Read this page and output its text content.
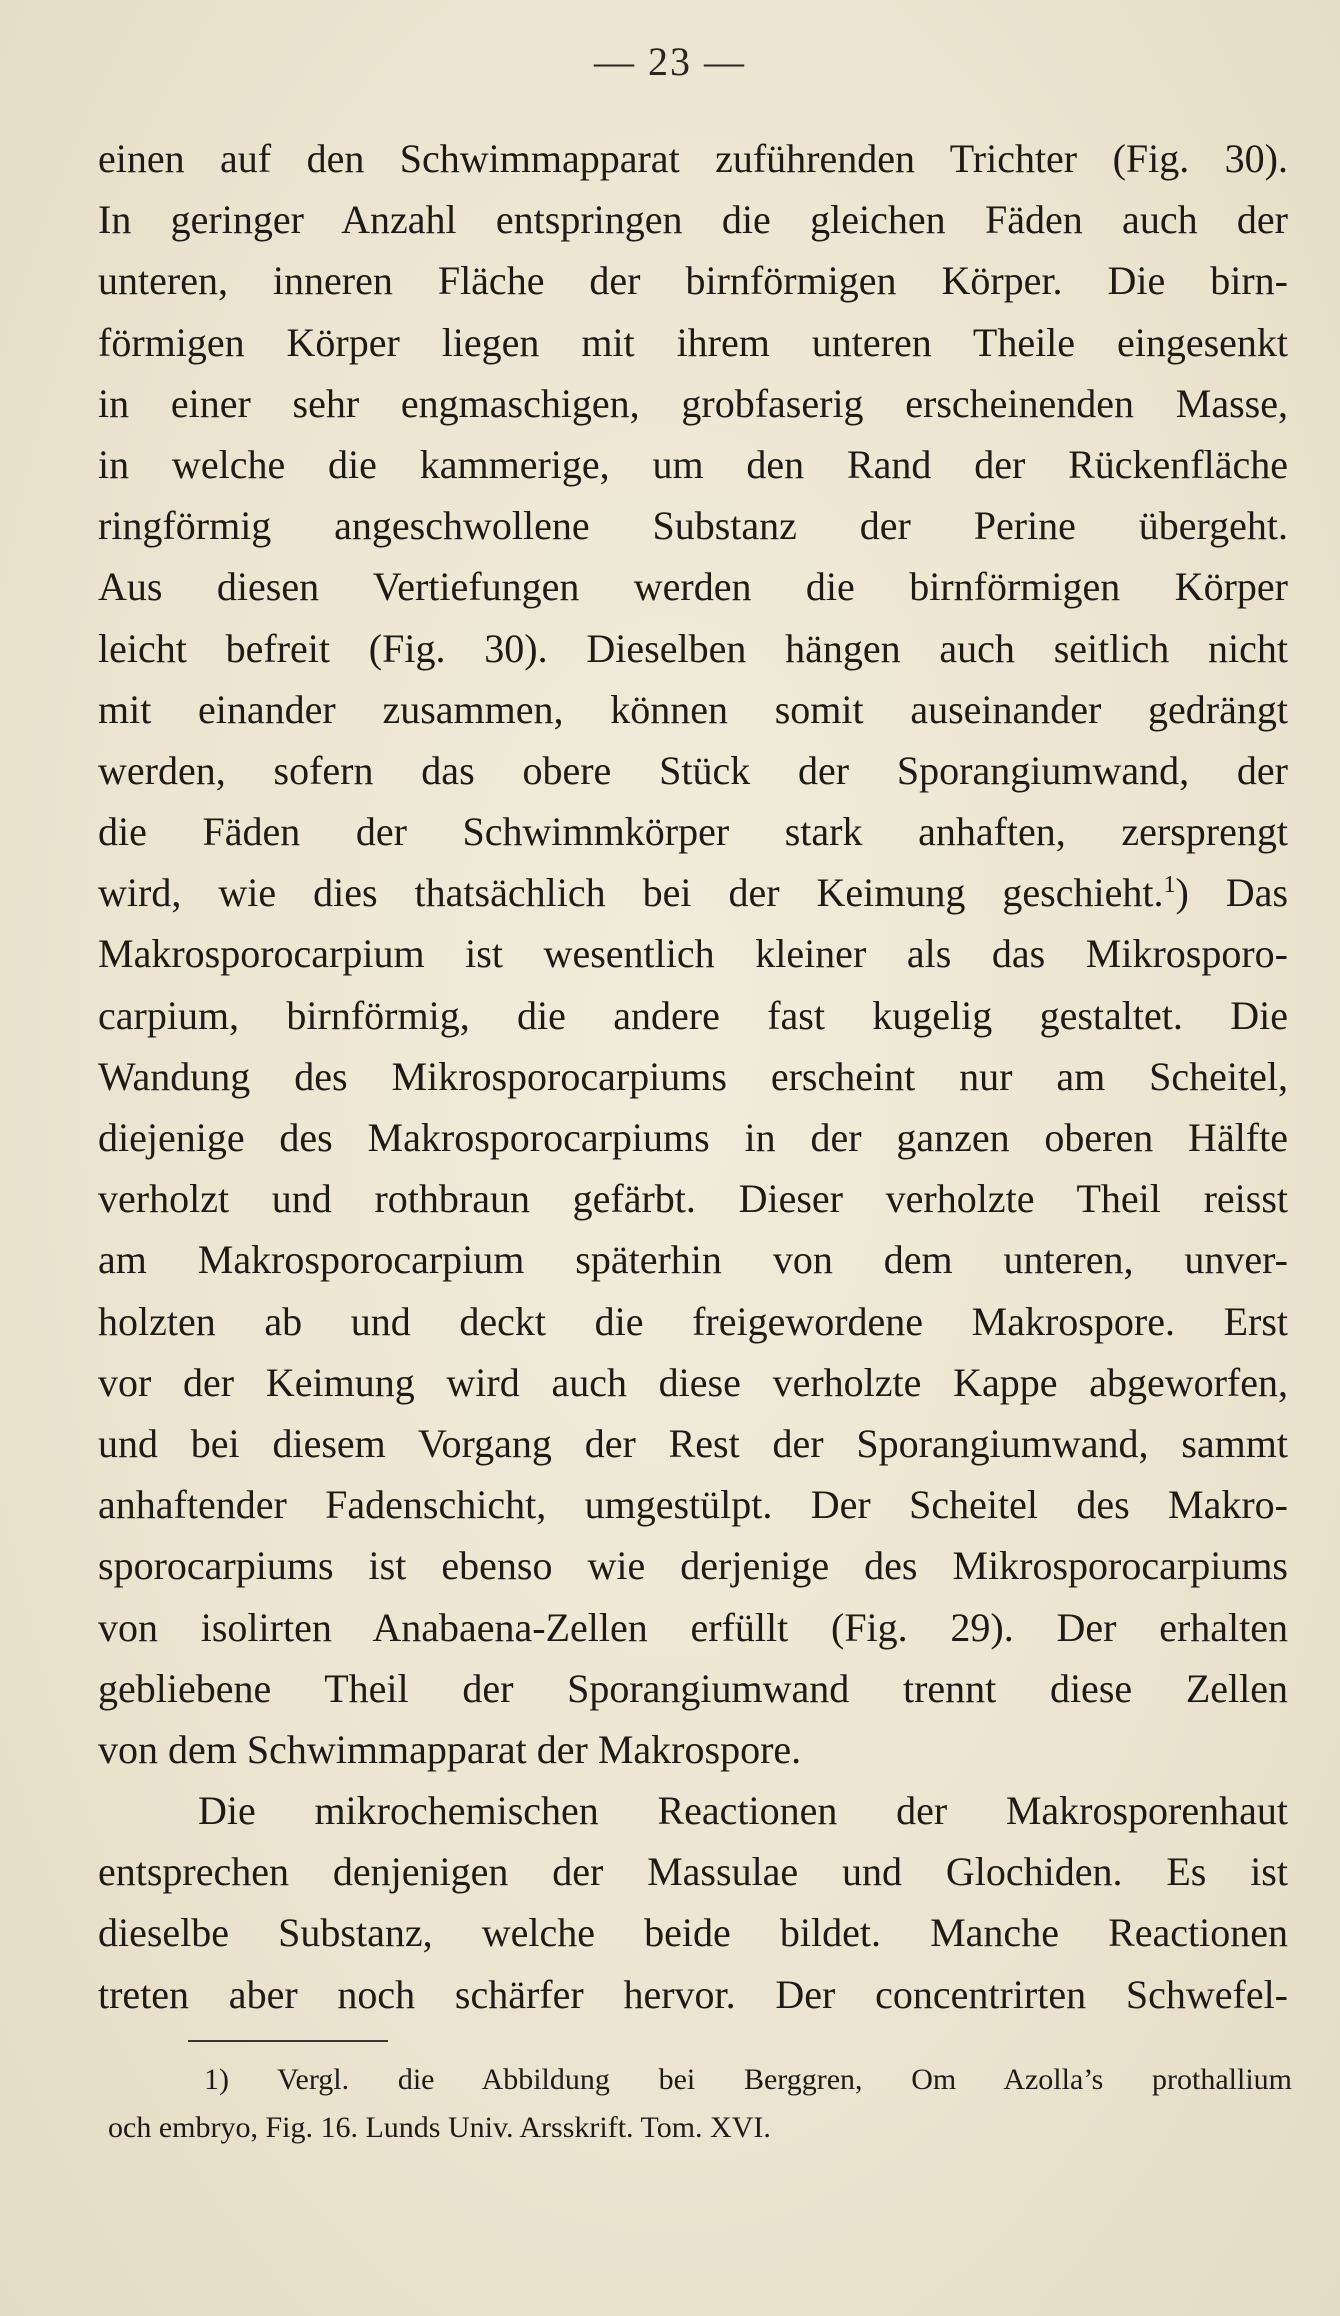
— 23 —
einen auf den Schwimmapparat zuführenden Trichter (Fig. 30).
In geringer Anzahl entspringen die gleichen Fäden auch der
unteren, inneren Fläche der birnförmigen Körper. Die birn-
förmigen Körper liegen mit ihrem unteren Theile eingesenkt
in einer sehr engmaschigen, grobfaserig erscheinenden Masse,
in welche die kammerige, um den Rand der Rückenfläche
ringförmig angeschwollene Substanz der Perine übergeht.
Aus diesen Vertiefungen werden die birnförmigen Körper
leicht befreit (Fig. 30). Dieselben hängen auch seitlich nicht
mit einander zusammen, können somit auseinander gedrängt
werden, sofern das obere Stück der Sporangiumwand, der
die Fäden der Schwimmkörper stark anhaften, zersprengt
wird, wie dies thatsächlich bei der Keimung geschieht.$^1$) Das
Makrosporocarpium ist wesentlich kleiner als das Mikrosporo-
carpium, birnförmig, die andere fast kugelig gestaltet. Die
Wandung des Mikrosporocarpiums erscheint nur am Scheitel,
diejenige des Makrosporocarpiums in der ganzen oberen Hälfte
verholzt und rothbraun gefärbt. Dieser verholzte Theil reisst
am Makrosporocarpium späterhin von dem unteren, unver-
holzten ab und deckt die freigewordene Makrospore. Erst
vor der Keimung wird auch diese verholzte Kappe abgeworfen,
und bei diesem Vorgang der Rest der Sporangiumwand, sammt
anhaftender Fadenschicht, umgestülpt. Der Scheitel des Makro-
sporocarpiums ist ebenso wie derjenige des Mikrosporocarpiums
von isolirten Anabaena-Zellen erfüllt (Fig. 29). Der erhalten
gebliebene Theil der Sporangiumwand trennt diese Zellen
von dem Schwimmapparat der Makrospore.
Die mikrochemischen Reactionen der Makrosporenhaut
entsprechen denjenigen der Massulae und Glochiden. Es ist
dieselbe Substanz, welche beide bildet. Manche Reactionen
treten aber noch schärfer hervor. Der concentrirten Schwefel-
1) Vergl. die Abbildung bei Berggren, Om Azolla’s prothallium
och embryo, Fig. 16. Lunds Univ. Arsskrift. Tom. XVI.
